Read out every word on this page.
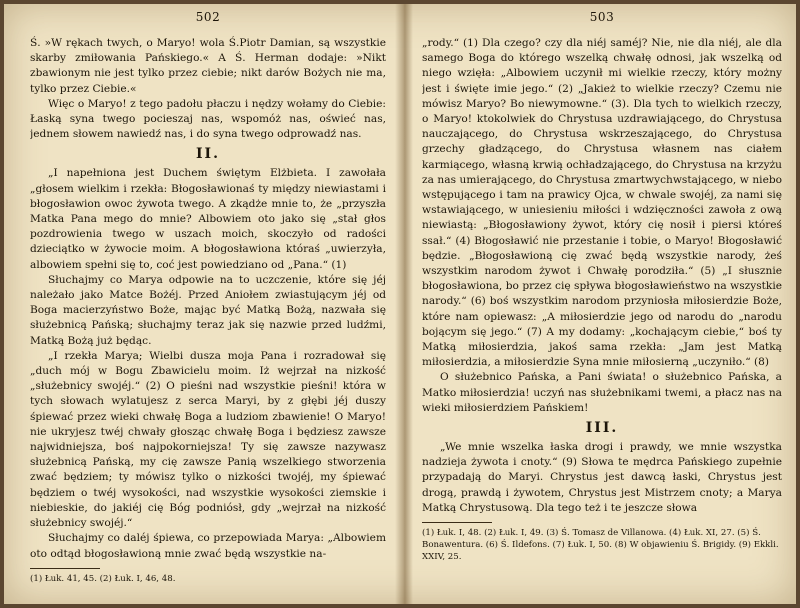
502

Ś. »W rękach twych, o Maryo! wola Ś.Piotr Damian, są wszystkie skarby zmiłowania Pańskiego.« A Ś. Herman dodaje: »Nikt zbawionym nie jest tylko przez ciebie; nikt darów Bożych nie ma, tylko przez Ciebie.«

Więc o Maryo! z tego padołu płaczu i nędzy wołamy do Ciebie: Łaską syna twego pocieszaj nas, wspomóż nas, oświeć nas, jednem słowem nawiedź nas, i do syna twego odprowadź nas.

II.

„I napełniona jest Duchem świętym Elżbieta. I zawołała „głosem wielkim i rzekła: Błogosławionaś ty między niewiastami i błogosławion owoc żywota twego. A zkądże mnie to, że „przyszła Matka Pana mego do mnie? Albowiem oto jako się „stał głos pozdrowienia twego w uszach moich, skoczyło od radości dzieciątko w żywocie moim. A błogosławiona któraś „uwierzyła, albowiem spełni się to, coć jest powiedziano od „Pana.“ (1)

Słuchajmy co Marya odpowie na to uczczenie, które się jéj należało jako Matce Bożéj. Przed Aniołem zwiastującym jéj od Boga macierzyństwo Boże, mając być Matką Bożą, nazwała się służebnicą Pańską; słuchajmy teraz jak się nazwie przed ludźmi, Matką Bożą już będąc.

„I rzekła Marya; Wielbi dusza moja Pana i rozradował się „duch mój w Bogu Zbawicielu moim. Iż wejrzał na nizkość „służebnicy swojéj.“ (2) O pieśni nad wszystkie pieśni! która w tych słowach wylatujesz z serca Maryi, by z głębi jéj duszy śpiewać przez wieki chwałę Boga a ludziom zbawienie! O Maryo! nie ukryjesz twéj chwały głosząc chwałę Boga i będziesz zawsze najwidniejsza, boś najpokorniejsza! Ty się zawsze nazywasz służebnicą Pańską, my cię zawsze Panią wszelkiego stworzenia zwać będziem; ty mówisz tylko o nizkości twojéj, my śpiewać będziem o twéj wysokości, nad wszystkie wysokości ziemskie i niebieskie, do jakiéj cię Bóg podniósł, gdy „wejrzał na nizkość służebnicy swojéj.“

Słuchajmy co daléj śpiewa, co przepowiada Marya: „Albowiem oto odtąd błogosławioną mnie zwać będą wszystkie na-

(1) Łuk. 41, 45. (2) Łuk. I, 46, 48.

503

„rody.“ (1) Dla czego? czy dla niéj saméj? Nie, nie dla niéj, ale dla samego Boga do którego wszelką chwałę odnosi, jak wszelką od niego wzięła: „Albowiem uczynił mi wielkie rzeczy, który możny jest i święte imie jego.“ (2) „Jakież to wielkie rzeczy? Czemu nie mówisz Maryo? Bo niewymowne.“ (3). Dla tych to wielkich rzeczy, o Maryo! ktokolwiek do Chrystusa uzdrawiającego, do Chrystusa nauczającego, do Chrystusa wskrzeszającego, do Chrystusa grzechy gładzącego, do Chrystusa własnem nas ciałem karmiącego, własną krwią ochładzającego, do Chrystusa na krzyżu za nas umierającego, do Chrystusa zmartwychwstającego, w niebo wstępującego i tam na prawicy Ojca, w chwale swojéj, za nami się wstawiającego, w uniesieniu miłości i wdzięczności zawoła z ową niewiastą: „Błogosławiony żywot, który cię nosił i piersi któreś ssał.“ (4) Błogosławić nie przestanie i tobie, o Maryo! Błogosławić będzie. „Błogosławioną cię zwać będą wszystkie narody, żeś wszystkim narodom żywot i Chwałę porodziła.“ (5) „I słusznie błogosławiona, bo przez cię spływa błogosławieństwo na wszystkie narody.“ (6) boś wszystkim narodom przyniosła miłosierdzie Boże, które nam opiewasz: „A miłosierdzie jego od narodu do „narodu bojącym się jego.“ (7) A my dodamy: „kochającym ciebie,“ boś ty Matką miłosierdzia, jakoś sama rzekła: „Jam jest Matką miłosierdzia, a miłosierdzie Syna mnie miłosierną „uczyniło.“ (8)

O służebnico Pańska, a Pani świata! o służebnico Pańska, a Matko miłosierdzia! uczyń nas służebnikami twemi, a płacz nas na wieki miłosierdziem Pańskiem!

III.

„We mnie wszelka łaska drogi i prawdy, we mnie wszystka nadzieja żywota i cnoty.“ (9) Słowa te mędrca Pańskiego zupełnie przypadają do Maryi. Chrystus jest dawcą łaski, Chrystus jest drogą, prawdą i żywotem, Chrystus jest Mistrzem cnoty; a Marya Matką Chrystusową. Dla tego też i te jeszcze słowa

(1) Łuk. I, 48. (2) Łuk. I, 49. (3) Ś. Tomasz de Villanowa. (4) Łuk. XI, 27. (5) Ś. Bonawentura. (6) Ś. Ildefons. (7) Łuk. I, 50. (8) W objawieniu Ś. Brigidy. (9) Ekkli. XXIV, 25.
